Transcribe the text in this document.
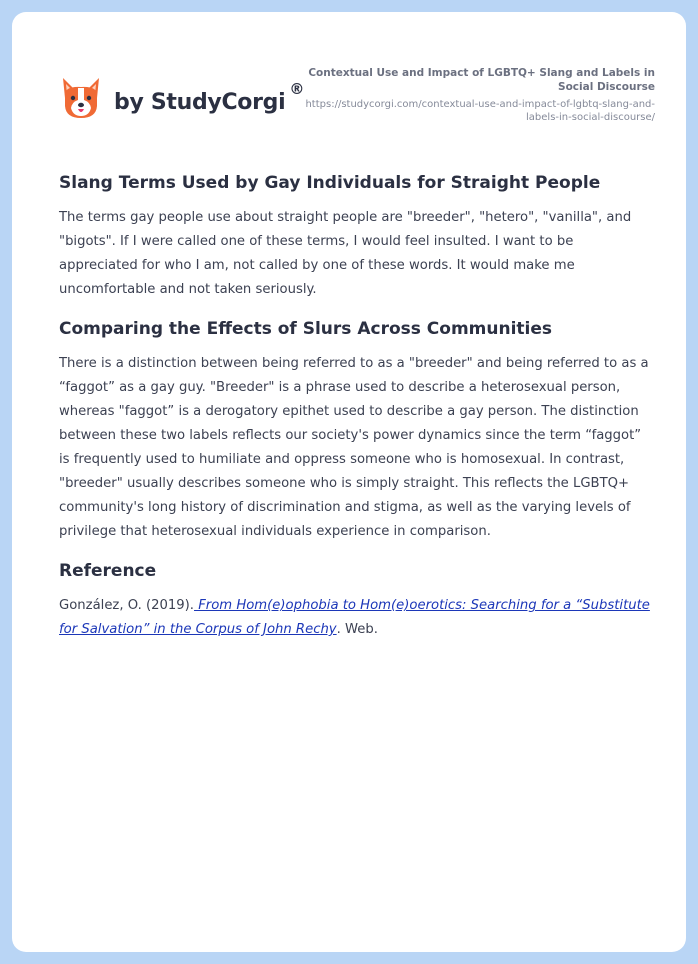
by StudyCorgi
®
Contextual Use and Impact of LGBTQ+ Slang and Labels in Social Discourse
https://studycorgi.com/contextual-use-and-impact-of-lgbtq-slang-and-labels-in-social-discourse/
Slang Terms Used by Gay Individuals for Straight People

The terms gay people use about straight people are "breeder", "hetero", "vanilla", and "bigots". If I were called one of these terms, I would feel insulted. I want to be appreciated for who I am, not called by one of these words. It would make me uncomfortable and not taken seriously.

Comparing the Effects of Slurs Across Communities

There is a distinction between being referred to as a "breeder" and being referred to as a “faggot” as a gay guy. "Breeder" is a phrase used to describe a heterosexual person, whereas "faggot” is a derogatory epithet used to describe a gay person. The distinction between these two labels reflects our society's power dynamics since the term “faggot” is frequently used to humiliate and oppress someone who is homosexual. In contrast, "breeder" usually describes someone who is simply straight. This reflects the LGBTQ+ community's long history of discrimination and stigma, as well as the varying levels of privilege that heterosexual individuals experience in comparison.

Reference

González, O. (2019). From Hom(e)ophobia to Hom(e)oerotics: Searching for a “Substitute for Salvation” in the Corpus of John Rechy. Web.
